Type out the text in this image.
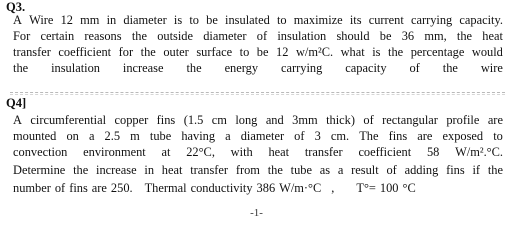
Q3.
A Wire 12 mm in diameter is to be insulated to maximize its current carrying capacity.
For certain reasons the outside diameter of insulation should be 36 mm, the heat
transfer coefficient for the outer surface to be 12 w/m²C. what is the percentage would
the insulation increase the energy carrying capacity of the wire
Q4]
A circumferential copper fins (1.5 cm long and 3mm thick) of rectangular profile are
mounted on a 2.5 m tube having a diameter of 3 cm. The fins are exposed to
convection environment at 22°C, with heat transfer coefficient 58 W/m².°C.
Determine the increase in heat transfer from the tube as a result of adding fins if the
number of fins are 250. Thermal conductivity 386 W/m·°C , T°= 100 °C
-1-
